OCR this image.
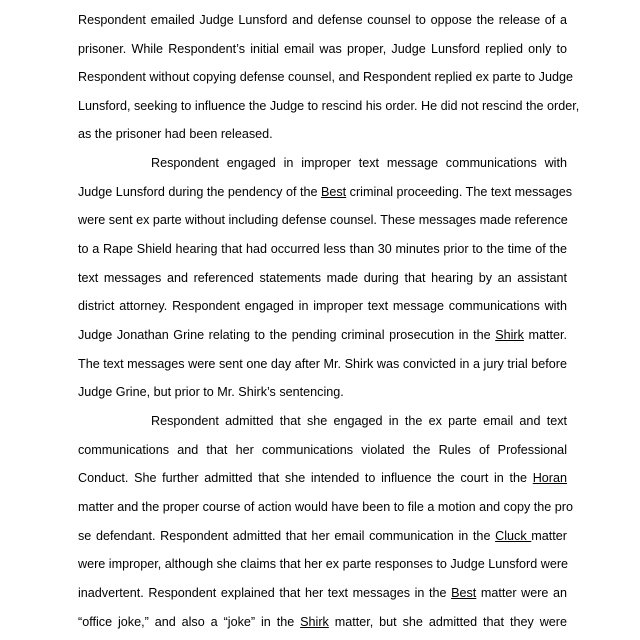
Respondent emailed Judge Lunsford and defense counsel to oppose the release of a
prisoner. While Respondent’s initial email was proper, Judge Lunsford replied only to
Respondent without copying defense counsel, and Respondent replied ex parte to Judge
Lunsford, seeking to influence the Judge to rescind his order. He did not rescind the order,
as the prisoner had been released.
Respondent engaged in improper text message communications with
Judge Lunsford during the pendency of the Best criminal proceeding. The text messages
were sent ex parte without including defense counsel. These messages made reference
to a Rape Shield hearing that had occurred less than 30 minutes prior to the time of the
text messages and referenced statements made during that hearing by an assistant
district attorney. Respondent engaged in improper text message communications with
Judge Jonathan Grine relating to the pending criminal prosecution in the Shirk matter.
The text messages were sent one day after Mr. Shirk was convicted in a jury trial before
Judge Grine, but prior to Mr. Shirk’s sentencing.
Respondent admitted that she engaged in the ex parte email and text
communications and that her communications violated the Rules of Professional
Conduct. She further admitted that she intended to influence the court in the Horan
matter and the proper course of action would have been to file a motion and copy the pro
se defendant. Respondent admitted that her email communication in the Cluck matter
were improper, although she claims that her ex parte responses to Judge Lunsford were
inadvertent. Respondent explained that her text messages in the Best matter were an
“office joke,” and also a “joke” in the Shirk matter, but she admitted that they were
